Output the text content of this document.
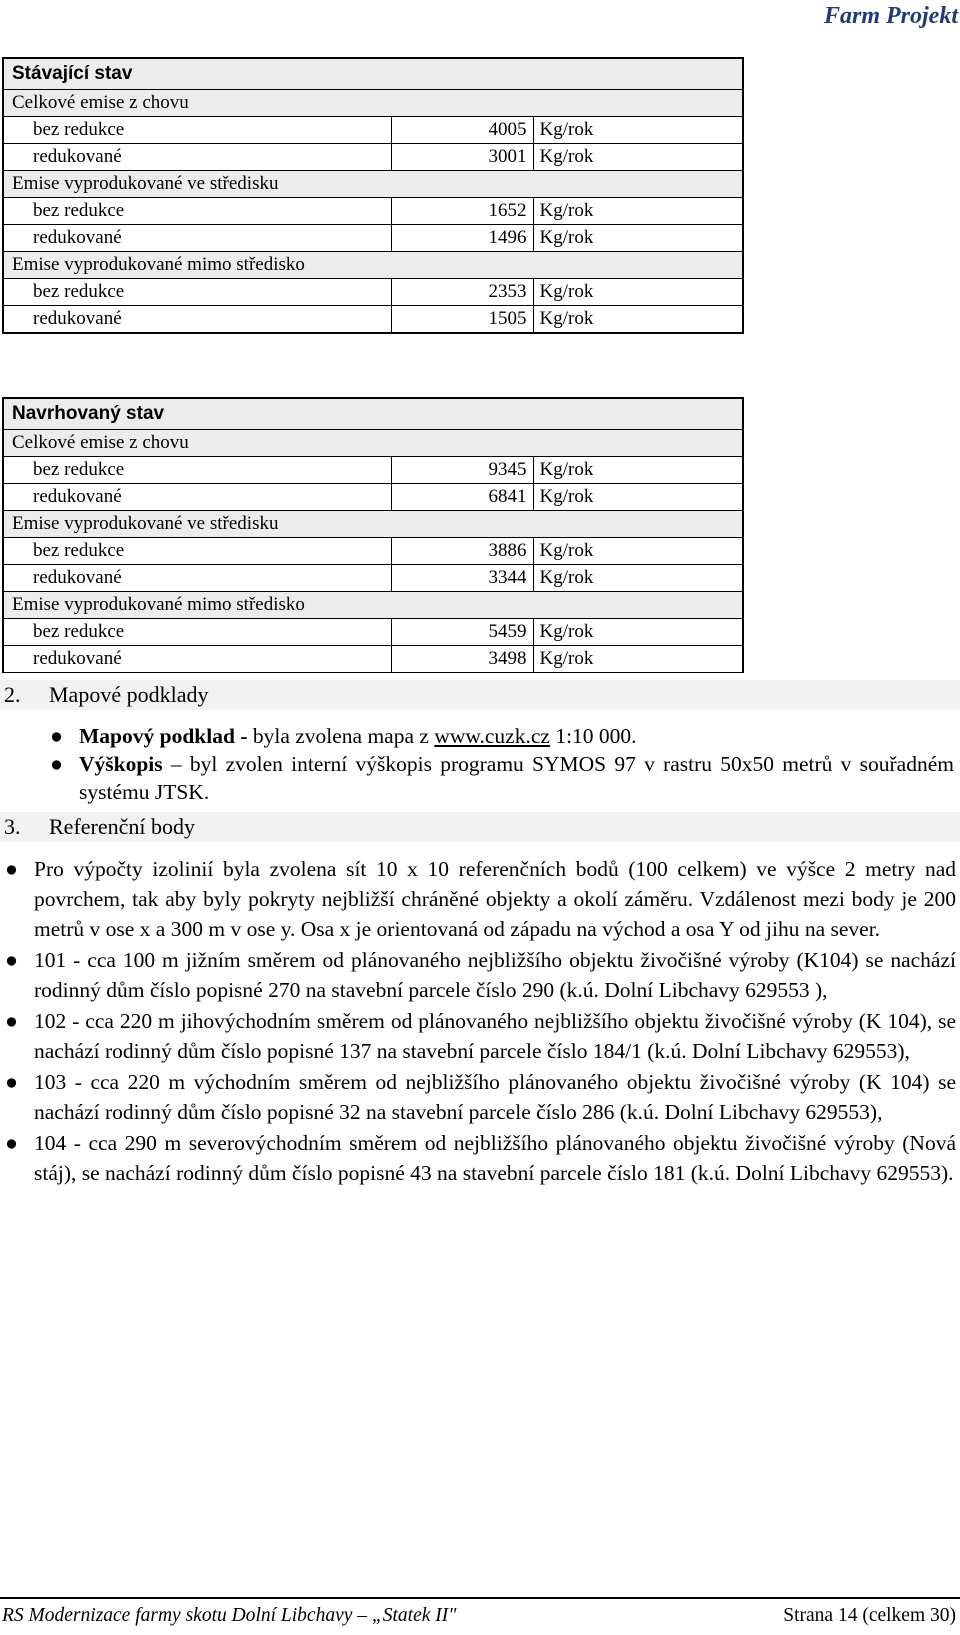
Farm Projekt
Stávající stav		
Celkové emise z chovu		
bez redukce	4005	Kg/rok
redukované	3001	Kg/rok
Emise vyprodukované ve středisku		
bez redukce	1652	Kg/rok
redukované	1496	Kg/rok
Emise vyprodukované mimo středisko		
bez redukce	2353	Kg/rok
redukované	1505	Kg/rok
Navrhovaný stav		
Celkové emise z chovu		
bez redukce	9345	Kg/rok
redukované	6841	Kg/rok
Emise vyprodukované ve středisku		
bez redukce	3886	Kg/rok
redukované	3344	Kg/rok
Emise vyprodukované mimo středisko		
bez redukce	5459	Kg/rok
redukované	3498	Kg/rok
2. Mapové podklady
● Mapový podklad - byla zvolena mapa z www.cuzk.cz 1:10 000.
● Výškopis – byl zvolen interní výškopis programu SYMOS 97 v rastru 50x50 metrů v souřadném systému JTSK.
3. Referenční body
● Pro výpočty izolinií byla zvolena sít 10 x 10 referenčních bodů (100 celkem) ve výšce 2 metry nad povrchem, tak aby byly pokryty nejbližší chráněné objekty a okolí záměru. Vzdálenost mezi body je 200 metrů v ose x a 300 m v ose y. Osa x je orientovaná od západu na východ a osa Y od jihu na sever.
● 101 - cca 100 m jižním směrem od plánovaného nejbližšího objektu živočišné výroby (K104) se nachází rodinný dům číslo popisné 270 na stavební parcele číslo 290 (k.ú. Dolní Libchavy 629553 ),
● 102 - cca 220 m jihovýchodním směrem od plánovaného nejbližšího objektu živočišné výroby (K 104), se nachází rodinný dům číslo popisné 137 na stavební parcele číslo 184/1 (k.ú. Dolní Libchavy 629553),
● 103 - cca 220 m východním směrem od nejbližšího plánovaného objektu živočišné výroby (K 104) se nachází rodinný dům číslo popisné 32 na stavební parcele číslo 286 (k.ú. Dolní Libchavy 629553),
● 104 - cca 290 m severovýchodním směrem od nejbližšího plánovaného objektu živočišné výroby (Nová stáj), se nachází rodinný dům číslo popisné 43 na stavební parcele číslo 181 (k.ú. Dolní Libchavy 629553).
RS Modernizace farmy skotu Dolní Libchavy – „Statek II"	Strana 14 (celkem 30)
